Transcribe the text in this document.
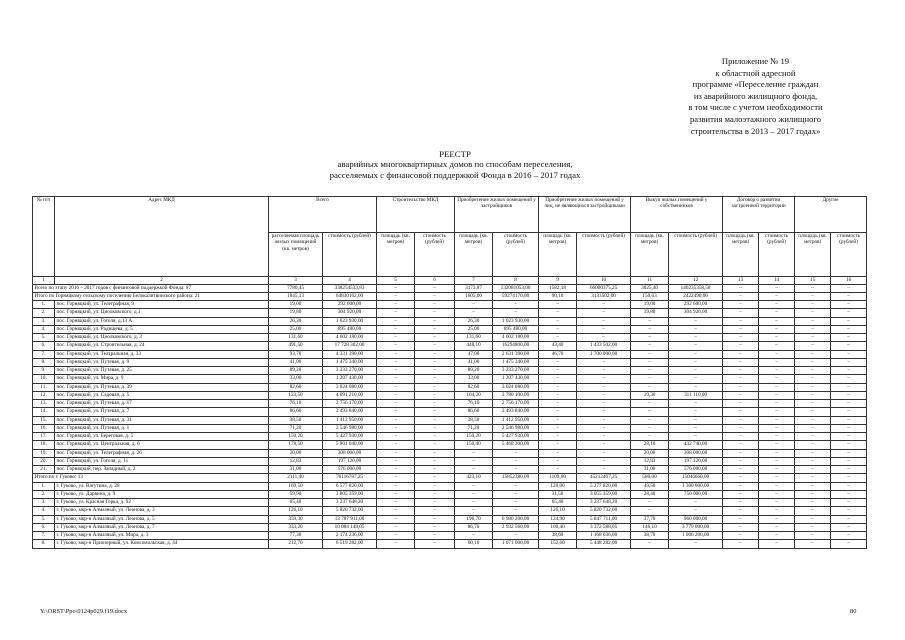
Приложение № 19
к областной адресной
программе «Переселение граждан
из аварийного жилищного фонда,
в том числе с учетом необходимости
развития малоэтажного жилищного
строительства в 2013 – 2017 годах»
РЕЕСТР
аварийных многоквартирных домов по способам переселения,
расселяемых с финансовой поддержкой Фонда в 2016 – 2017 годах
№ п/п	Адрес МКД	Всего		Строительство МКД		Приобретение жилых помещений у застройщиков		Приобретение жилых помещений у лиц, не являющихся застройщиками		Выкуп жилых помещений у собственников		Договор о развитии застроенной территории		Другие	
		расселяемая площадь жилых помещений (кв. метров)	стоимость (рублей)	площадь (кв. метров)	стоимость (рублей)	площадь (кв. метров)	стоимость (рублей)	площадь (кв. метров)	стоимость (рублей)	площадь (кв. метров)	стоимость (рублей)	площадь (кв. метров)	стоимость (рублей)	площадь (кв. метров)	стоимость (рублей)
1	2	3	4	5	6	7	8	9	10	11	12	13	14	15	16
Всего по этапу 2016 – 2017 годов с финансовой поддержкой Фонда: 87		7780,45	338254533,83	–	–	3173,87	132081053,00	1582,18	66000375,25	3025,40	140235358,58	–	–	–	–
Итого по Горняцкому сельскому поселению Белокалитвинского района: 21		1845,13	64830162,00	–	–	1605,00	59274170,00	90,10	3133502,00	150,03	2422490,00	–	–	–	–
1.	пос. Горняцкий, ул. Телеграфная, 9	19,00	292 600,00	–	–	–	–	–	–	19,00	292 600,00	–	–	–	–
2.	пос. Горняцкий, ул. Циолковского, д.1	19,80	304 920,00	–	–	–	–	–	–	19,80	304 920,00	–	–	–	–
3.	пос. Горняцкий, ул. Гоголя, д.13 А	26,30	1 023 930,00	–	–	26,30	1 023 930,00	–	–	–	–	–	–	–	–
4.	пос. Горняцкий, ул. Радищева, д. 5	25,00	895 480,00	–	–	25,00	895 480,00	–	–	–	–	–	–	–	–
5.	пос. Горняцкий, ул. Циолковского, д. 3	131,60	4 602 180,00	–	–	131,60	4 602 180,00	–	–	–	–	–	–	–	–
6.	пос. Горняцкий, ул. Строительная, д. 24	491,50	17 728 302,00	–	–	448,10	16294800,00	43,40	1 433 502,00	–	–	–	–	–	–
7.	пос. Горняцкий, ул. Театральная, д. 33	93,70	4 331 390,00	–	–	47,00	2 631 390,00	46,70	1 700 000,00	–	–	–	–	–	–
8.	пос. Горняцкий, ул. Путевая, д. 9	41,00	1 475 340,00	–	–	41,00	1 475 340,00	–	–	–	–	–	–	–	–
9.	пос. Горняцкий, ул. Путевая, д. 25	89,20	3 233 270,00	–	–	89,20	3 233 270,00	–	–	–	–	–	–	–	–
10.	пос. Горняцкий, ул. Мира, д. 9	33,00	1 207 430,00	–	–	33,00	1 207 430,00	–	–	–	–	–	–	–	–
11.	пос. Горняцкий, ул. Путевая, д. 39	82,60	3 024 080,00	–	–	82,60	3 024 080,00	–	–	–	–	–	–	–	–
12.	пос. Горняцкий, ул. Садовая, д. 5	123,50	4 091 210,00	–	–	104,20	3 780 100,00	–	–	19,30	311 110,00	–	–	–	–
13.	пос. Горняцкий, ул. Путевая, д. 17	76,10	2 756 170,00	–	–	76,10	2 756 170,00	–	–	–	–	–	–	–	–
14.	пос. Горняцкий, ул. Путевая, д. 7	86,60	3 493 840,00	–	–	86,60	3 493 840,00	–	–	–	–	–	–	–	–
15.	пос. Горняцкий, ул. Путевая, д. 31	38,50	1 412 950,00	–	–	38,50	1 412 950,00	–	–	–	–	–	–	–	–
16.	пос. Горняцкий, ул. Путевая, д. 1	71,20	2 546 980,00	–	–	71,20	2 546 980,00	–	–	–	–	–	–	–	–
17.	пос. Горняцкий, ул. Береговая, д. 5	150,20	5 427 930,00	–	–	150,20	5 427 930,00	–	–	–	–	–	–	–	–
18.	пос. Горняцкий, ул. Центральная, д. 6	178,50	5 901 040,00	–	–	150,40	5 468 300,00	–	–	28,10	432 740,00	–	–	–	–
19.	пос. Горняцкий, ул. Телеграфная, д. 26	20,00	308 000,00	–	–	–	–	–	–	20,00	308 000,00	–	–	–	–
20.	пос. Горняцкий, ул. Гоголя, д. 11	12,83	197 120,00	–	–	–	–	–	–	12,83	197 120,00	–	–	–	–
21.	пос. Горняцкий, пер. Западный, д. 2	31,00	576 000,00	–	–	–	–	–	–	31,00	576 000,00	–	–	–	–
Итого по г. Гуково: 13		2111,40	76116787,25	–	–	423,10	15852380,00	1109,60	45212467,25	580,00	15046660,00	–	–	–	–
1.	г. Гуково, ул. Ватутина, д. 28	169,50	6 577 820,00	–	–	–	–	120,00	5 277 820,00	49,50	1 300 000,00	–	–	–	–
2.	г. Гуково, ул. Дарвина, д. 9	59,90	3 805 359,00	–	–	–	–	31,50	3 055 359,00	28,40	750 000,00	–	–	–	–
3.	г. Гуково, ул. Красная Горка, д. 92	65,40	3 237 648,20	–	–	–	–	65,40	3 237 648,20	–	–	–	–	–	–
4.	г. Гуково, мкр-н Алмазный, ул. Леонова, д. 3	126,10	5 820 732,00	–	–	–	–	126,10	5 820 732,00	–	–	–	–	–	–
5.	г. Гуково, мкр-н Алмазный, ул. Леонова, д. 5	359,30	13 787 911,00	–	–	196,70	6 980 200,00	124,90	5 847 711,00	37,70	960 000,00	–	–	–	–
6.	г. Гуково, мкр-н Алмазный, ул. Леонова, д. 7	333,20	10 084 148,05	–	–	86,70	2 932 560,00	100,40	3 372 588,05	146,10	3 779 000,00	–	–	–	–
7.	г. Гуково, мкр-н Алмазный, ул. Мира, д. 3	77,30	2 174 236,00	–	–	–	–	38,60	1 168 036,00	38,70	1 006 200,00	–	–	–	–
8.	г. Гуково, мкр-н Приозерный, ул. Комсомольская, д. 44	212,70	6 519 282,00	–	–	60,10	1 071 000,00	152,60	5 448 282,00	–	–	–	–	–	–
Y:\ORST\Ppo\0124p029.f19.docx	80
